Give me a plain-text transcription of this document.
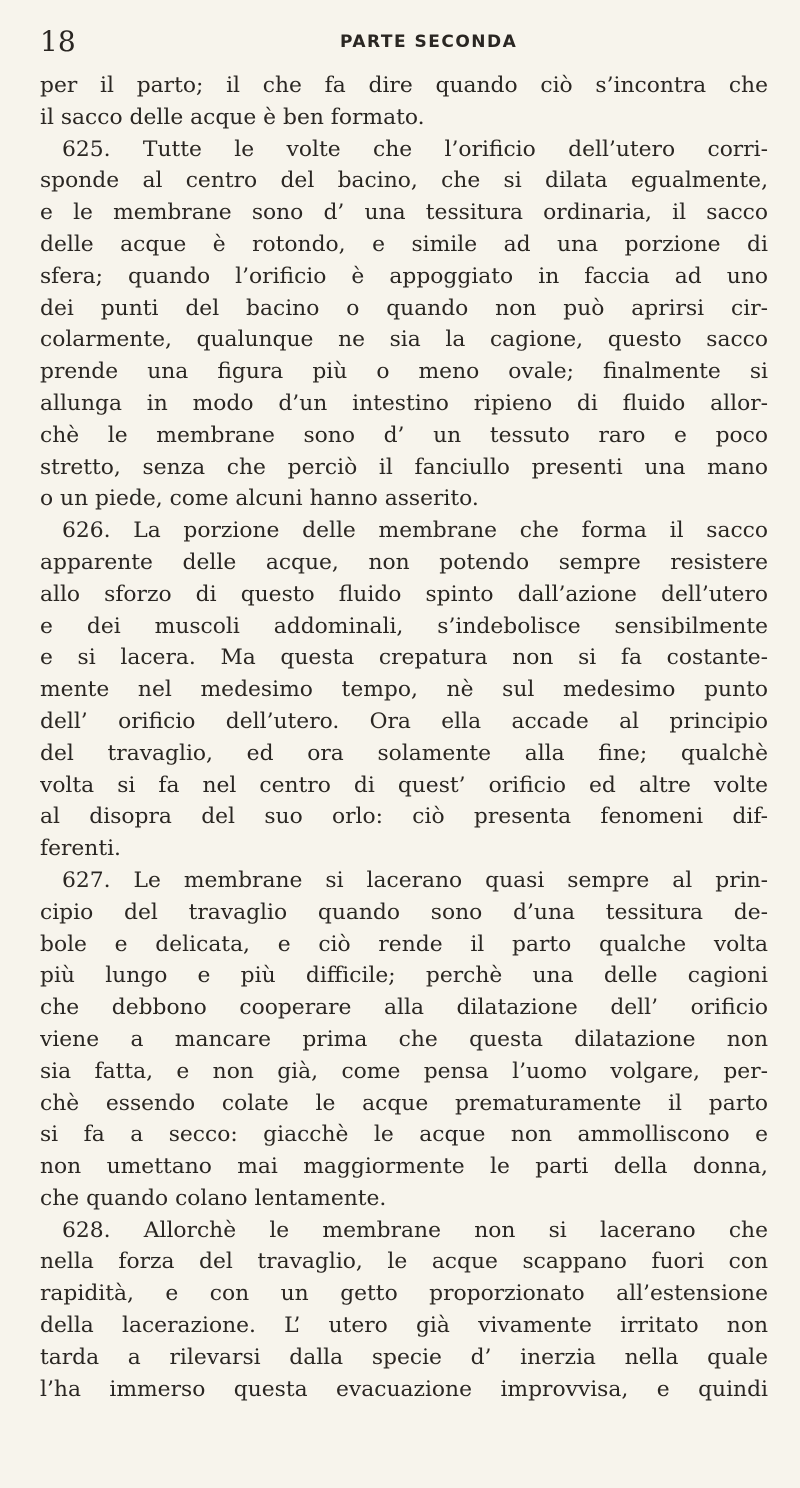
18	PARTE SECONDA
per il parto; il che fa dire quando ciò s’incontra che
il sacco delle acque è ben formato.
625. Tutte le volte che l’orificio dell’utero corri-
sponde al centro del bacino, che si dilata egualmente,
e le membrane sono d’ una tessitura ordinaria, il sacco
delle acque è rotondo, e simile ad una porzione di
sfera; quando l’orificio è appoggiato in faccia ad uno
dei punti del bacino o quando non può aprirsi cir-
colarmente, qualunque ne sia la cagione, questo sacco
prende una figura più o meno ovale; finalmente si
allunga in modo d’un intestino ripieno di fluido allor-
chè le membrane sono d’ un tessuto raro e poco
stretto, senza che perciò il fanciullo presenti una mano
o un piede, come alcuni hanno asserito.
626. La porzione delle membrane che forma il sacco
apparente delle acque, non potendo sempre resistere
allo sforzo di questo fluido spinto dall’azione dell’utero
e dei muscoli addominali, s’indebolisce sensibilmente
e si lacera. Ma questa crepatura non si fa costante-
mente nel medesimo tempo, nè sul medesimo punto
dell’ orificio dell’utero. Ora ella accade al principio
del travaglio, ed ora solamente alla fine; qualchè
volta si fa nel centro di quest’ orificio ed altre volte
al disopra del suo orlo: ciò presenta fenomeni dif-
ferenti.
627. Le membrane si lacerano quasi sempre al prin-
cipio del travaglio quando sono d’una tessitura de-
bole e delicata, e ciò rende il parto qualche volta
più lungo e più difficile; perchè una delle cagioni
che debbono cooperare alla dilatazione dell’ orificio
viene a mancare prima che questa dilatazione non
sia fatta, e non già, come pensa l’uomo volgare, per-
chè essendo colate le acque prematuramente il parto
si fa a secco: giacchè le acque non ammolliscono e
non umettano mai maggiormente le parti della donna,
che quando colano lentamente.
628. Allorchè le membrane non si lacerano che
nella forza del travaglio, le acque scappano fuori con
rapidità, e con un getto proporzionato all’estensione
della lacerazione. L’ utero già vivamente irritato non
tarda a rilevarsi dalla specie d’ inerzia nella quale
l’ha immerso questa evacuazione improvvisa, e quindi
